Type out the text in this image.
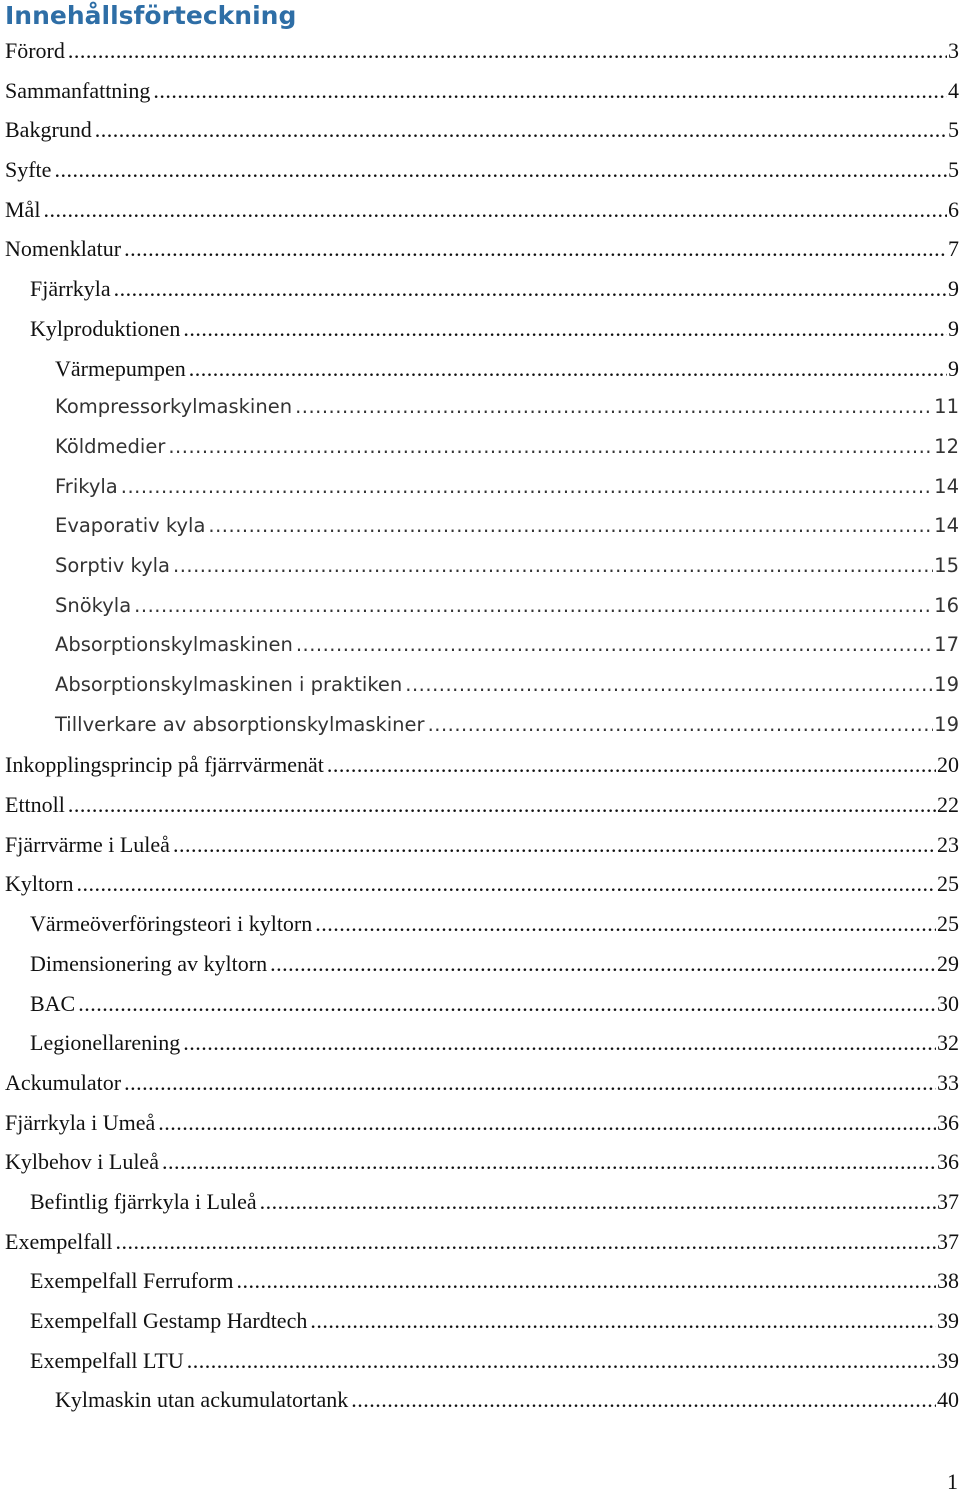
Innehållsförteckning
Förord .....	3
Sammanfattning .....	4
Bakgrund .....	5
Syfte .....	5
Mål .....	6
Nomenklatur .....	7
Fjärrkyla .....	9
Kylproduktionen .....	9
Värmepumpen .....	9
Kompressorkylmaskinen .....	11
Köldmedier .....	12
Frikyla .....	14
Evaporativ kyla .....	14
Sorptiv kyla .....	15
Snökyla .....	16
Absorptionskylmaskinen .....	17
Absorptionskylmaskinen i praktiken .....	19
Tillverkare av absorptionskylmaskiner .....	19
Inkopplingsprincip på fjärrvärmenät .....	20
Ettnoll .....	22
Fjärrvärme i Luleå .....	23
Kyltorn .....	25
Värmeöverföringsteori i kyltorn .....	25
Dimensionering av kyltorn .....	29
BAC .....	30
Legionellarening .....	32
Ackumulator .....	33
Fjärrkyla i Umeå .....	36
Kylbehov i Luleå .....	36
Befintlig fjärrkyla i Luleå .....	37
Exempelfall .....	37
Exempelfall Ferruform .....	38
Exempelfall Gestamp Hardtech .....	39
Exempelfall LTU .....	39
Kylmaskin utan ackumulatortank .....	40
1
